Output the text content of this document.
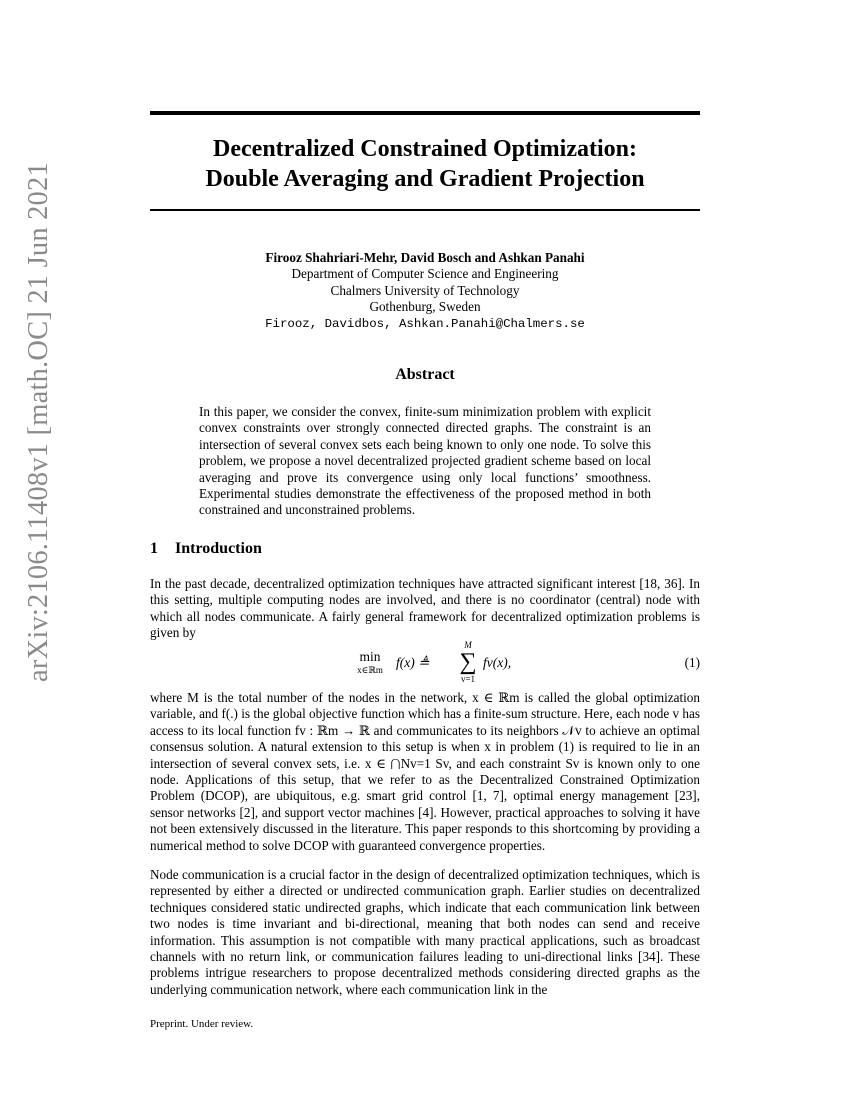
arXiv:2106.11408v1 [math.OC] 21 Jun 2021
Decentralized Constrained Optimization:
Double Averaging and Gradient Projection
Firooz Shahriari-Mehr, David Bosch and Ashkan Panahi
Department of Computer Science and Engineering
Chalmers University of Technology
Gothenburg, Sweden
Firooz, Davidbos, Ashkan.Panahi@Chalmers.se
Abstract
In this paper, we consider the convex, finite-sum minimization problem with explicit convex constraints over strongly connected directed graphs. The constraint is an intersection of several convex sets each being known to only one node. To solve this problem, we propose a novel decentralized projected gradient scheme based on local averaging and prove its convergence using only local functions’ smoothness. Experimental studies demonstrate the effectiveness of the proposed method in both constrained and unconstrained problems.
1 Introduction

In the past decade, decentralized optimization techniques have attracted significant interest [18, 36]. In this setting, multiple computing nodes are involved, and there is no coordinator (central) node with which all nodes communicate. A fairly general framework for decentralized optimization problems is given by

min
x∈ℝm f(x) ≜
M
∑
v=1
fv(x),	(1)

where M is the total number of the nodes in the network, x ∈ ℝm is called the global optimization variable, and f(.) is the global objective function which has a finite-sum structure. Here, each node v has access to its local function fv : ℝm → ℝ and communicates to its neighbors 𝒩v to achieve an optimal consensus solution. A natural extension to this setup is when x in problem (1) is required to lie in an intersection of several convex sets, i.e. x ∈ ⋂Nv=1 Sv, and each constraint Sv is known only to one node. Applications of this setup, that we refer to as the Decentralized Constrained Optimization Problem (DCOP), are ubiquitous, e.g. smart grid control [1, 7], optimal energy management [23], sensor networks [2], and support vector machines [4]. However, practical approaches to solving it have not been extensively discussed in the literature. This paper responds to this shortcoming by providing a numerical method to solve DCOP with guaranteed convergence properties.

Node communication is a crucial factor in the design of decentralized optimization techniques, which is represented by either a directed or undirected communication graph. Earlier studies on decentralized techniques considered static undirected graphs, which indicate that each communication link between two nodes is time invariant and bi-directional, meaning that both nodes can send and receive information. This assumption is not compatible with many practical applications, such as broadcast channels with no return link, or communication failures leading to uni-directional links [34]. These problems intrigue researchers to propose decentralized methods considering directed graphs as the underlying communication network, where each communication link in the

Preprint. Under review.
